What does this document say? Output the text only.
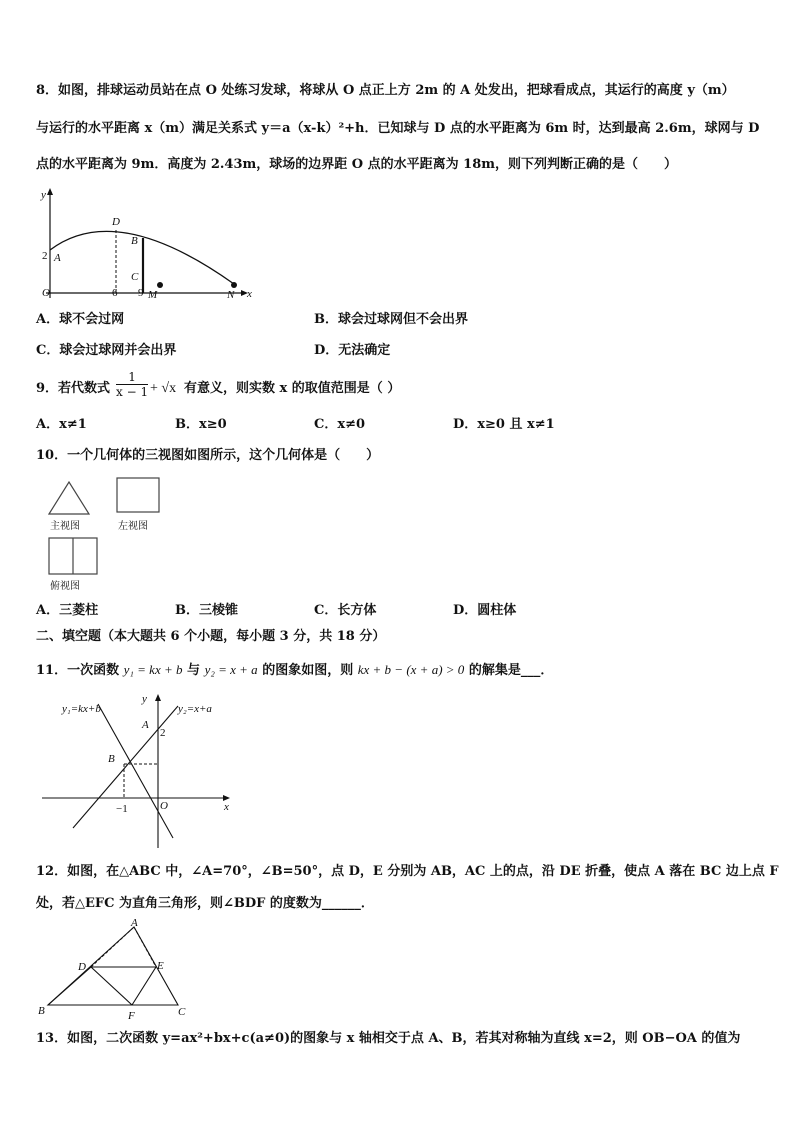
8．如图，排球运动员站在点 O 处练习发球，将球从 O 点正上方 2m 的 A 处发出，把球看成点，其运行的高度 y（m）
与运行的水平距离 x（m）满足关系式 y＝a（x-k）²+h．已知球与 D 点的水平距离为 6m 时，达到最高 2.6m，球网与 D
点的水平距离为 9m．高度为 2.43m，球场的边界距 O 点的水平距离为 18m，则下列判断正确的是（　　）
y
x
O
2 A
D
B
C
6 9 M	N
A．球不会过网	B．球会过球网但不会出界
C．球会过球网并会出界	D．无法确定
9．若代数式 $\frac{1}{x - 1} + √x$ 有意义，则实数 x 的取值范围是（ ）
A．x≠1	B．x≥0	C．x≠0	D．x≥0 且 x≠1
10．一个几何体的三视图如图所示，这个几何体是（　　）
主视图	左视图
俯视图
A．三菱柱	B．三棱锥	C．长方体	D．圆柱体
二、填空题（本大题共 6 个小题，每小题 3 分，共 18 分）
11．一次函数 y₁ = kx + b 与 y₂ = x + a 的图象如图，则 kx + b − (x + a) > 0 的解集是___．
y₁=kx+b	y₂=x+a
y
x
A
2
B
O
−1
12．如图，在△ABC 中，∠A=70°，∠B=50°，点 D，E 分别为 AB，AC 上的点，沿 DE 折叠，使点 A 落在 BC 边上点 F
处，若△EFC 为直角三角形，则∠BDF 的度数为______．
A
B	C
D	E
F
13．如图，二次函数 y=ax²+bx+c(a≠0)的图象与 x 轴相交于点 A、B，若其对称轴为直线 x=2，则 OB−OA 的值为
